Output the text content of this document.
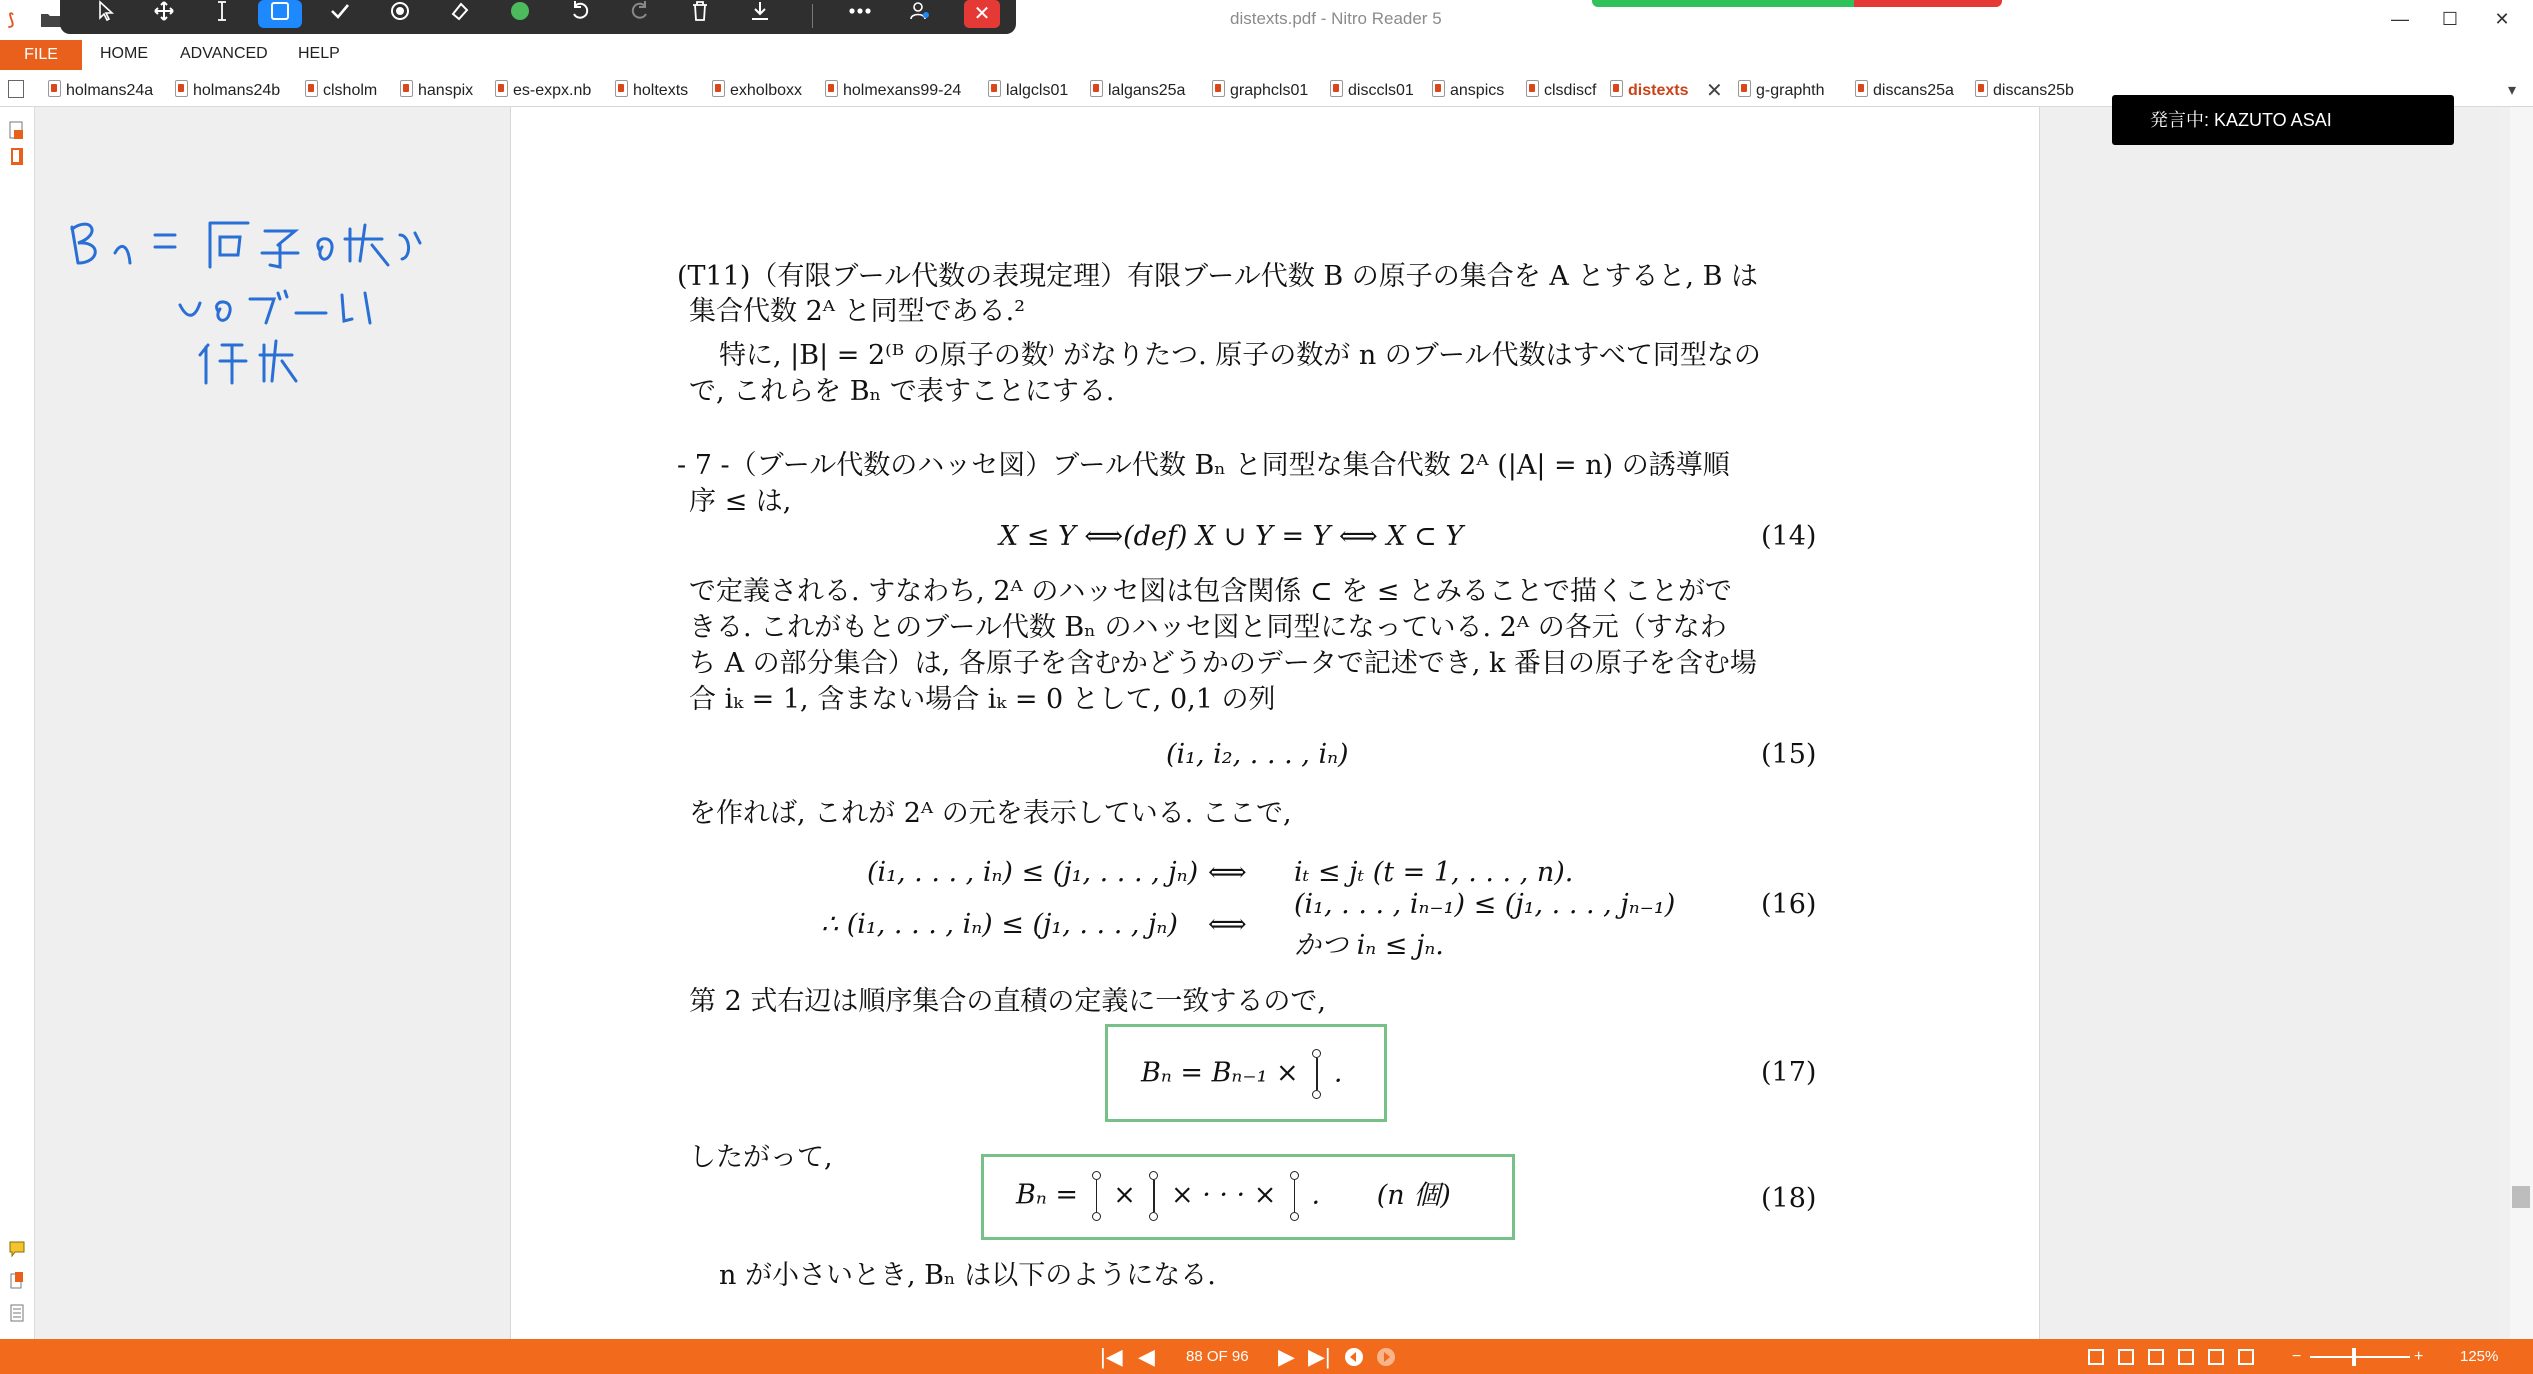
⟆	distexts.pdf - Nitro Reader 5	—	☐	✕
✕
FILE	HOME ADVANCED HELP
holmans24a	holmans24b	clsholm	hanspix	es-expx.nb	holtexts	exholboxx	holmexans99-24	lalgcls01	lalgans25a	graphcls01	disccls01	anspics	clsdiscf	distexts ✕	g-graphth	discans25a	discans25b	▾
発言中: KAZUTO ASAI
(T11)（有限ブール代数の表現定理）有限ブール代数 B の原子の集合を A とすると, B は
集合代数 2ᴬ と同型である.²
特に, |B| = 2⁽ᴮ の原子の数⁾ がなりたつ. 原子の数が n のブール代数はすべて同型なの
で, これらを Bₙ で表すことにする.
- 7 -（ブール代数のハッセ図）ブール代数 Bₙ と同型な集合代数 2ᴬ (|A| = n) の誘導順
序 ≤ は,
X ≤ Y ⟺(def) X ∪ Y = Y ⟺ X ⊂ Y	(14)
で定義される. すなわち, 2ᴬ のハッセ図は包含関係 ⊂ を ≤ とみることで描くことがで
きる. これがもとのブール代数 Bₙ のハッセ図と同型になっている. 2ᴬ の各元（すなわ
ち A の部分集合）は, 各原子を含むかどうかのデータで記述でき, k 番目の原子を含む場
合 iₖ = 1, 含まない場合 iₖ = 0 として, 0,1 の列
(i₁, i₂, . . . , iₙ)	(15)
を作れば, これが 2ᴬ の元を表示している. ここで,
(i₁, . . . , iₙ) ≤ (j₁, . . . , jₙ) ⟺ iₜ ≤ jₜ (t = 1, . . . , n).
∴ (i₁, . . . , iₙ) ≤ (j₁, . . . , jₙ) ⟺
(i₁, . . . , iₙ₋₁) ≤ (j₁, . . . , jₙ₋₁)
かつ iₙ ≤ jₙ.
(16)
第 2 式右辺は順序集合の直積の定義に一致するので,
Bₙ = Bₙ₋₁ × .	(17)
したがって,
Bₙ = × × · · · × . (n 個)	(18)
n が小さいとき, Bₙ は以下のようになる.
|◀ ◀ 88 OF 96 ▶ ▶|	−	+ 125%
